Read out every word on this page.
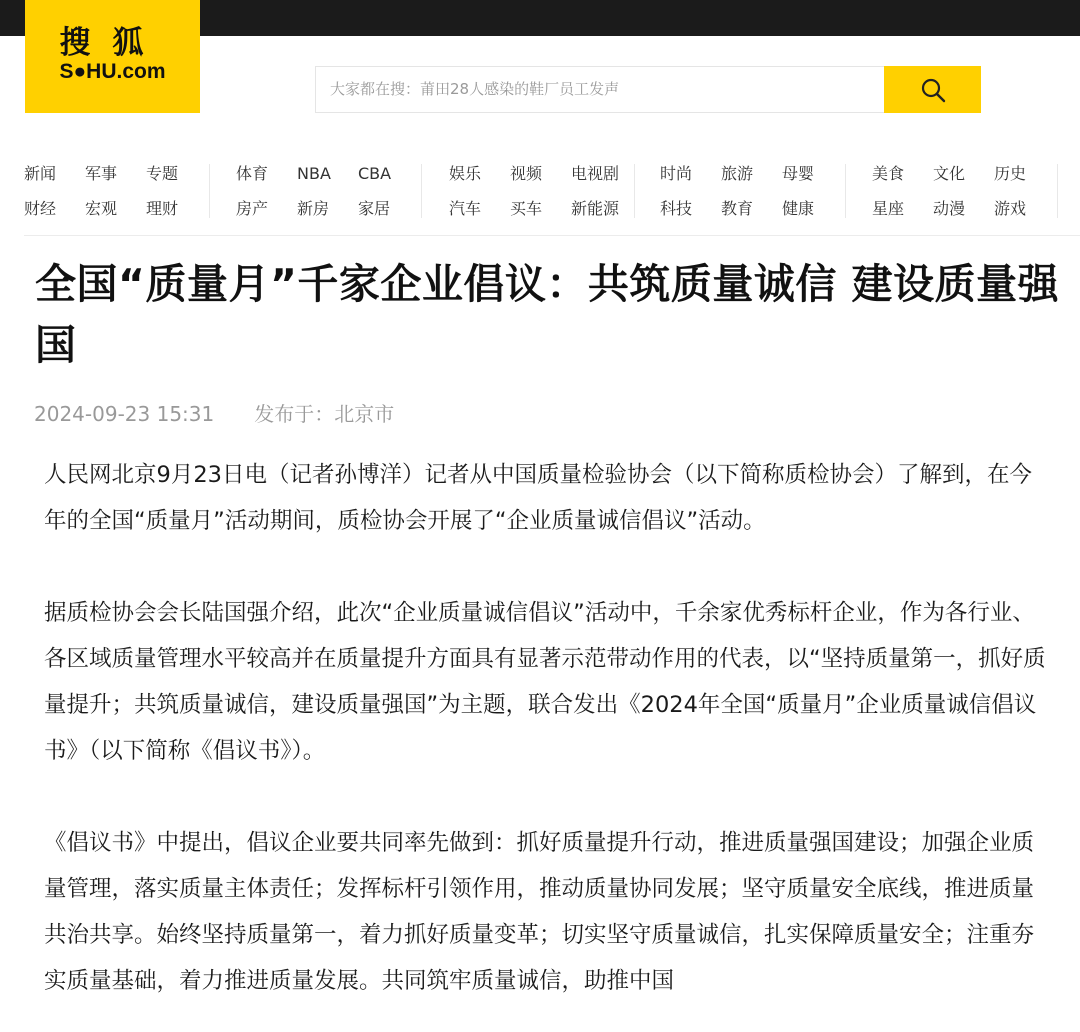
搜狐
S●HU.com
大家都在搜：莆田28人感染的鞋厂员工发声
新闻 军事 专题
财经 宏观 理财
体育 NBA CBA
房产 新房 家居
娱乐 视频 电视剧
汽车 买车 新能源
时尚 旅游 母婴
科技 教育 健康
美食 文化 历史
星座 动漫 游戏
全国“质量月”千家企业倡议：共筑质量诚信 建设质量强国
2024-09-23 15:31 发布于：北京市

人民网北京9月23日电（记者孙博洋）记者从中国质量检验协会（以下简称质检协会）了解到，在今年的全国“质量月”活动期间，质检协会开展了“企业质量诚信倡议”活动。

据质检协会会长陆国强介绍，此次“企业质量诚信倡议”活动中，千余家优秀标杆企业，作为各行业、各区域质量管理水平较高并在质量提升方面具有显著示范带动作用的代表，以“坚持质量第一，抓好质量提升；共筑质量诚信，建设质量强国”为主题，联合发出《2024年全国“质量月”企业质量诚信倡议书》（以下简称《倡议书》）。

《倡议书》中提出，倡议企业要共同率先做到：抓好质量提升行动，推进质量强国建设；加强企业质量管理，落实质量主体责任；发挥标杆引领作用，推动质量协同发展；坚守质量安全底线，推进质量共治共享。始终坚持质量第一，着力抓好质量变革；切实坚守质量诚信，扎实保障质量安全；注重夯实质量基础，着力推进质量发展。共同筑牢质量诚信，助推中国
